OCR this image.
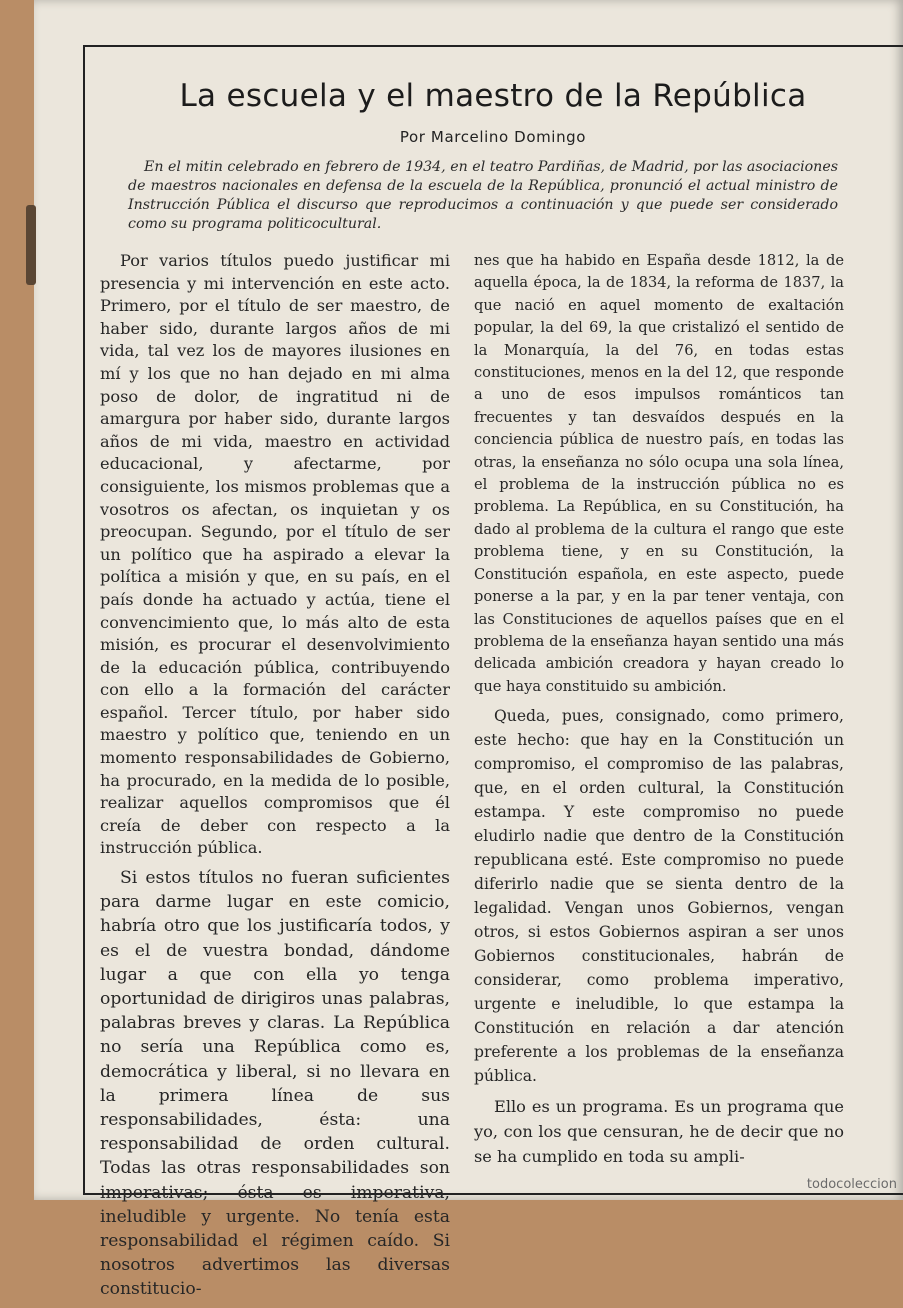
La escuela y el maestro de la República
Por Marcelino Domingo
En el mitin celebrado en febrero de 1934, en el teatro Pardiñas, de Madrid, por las asociaciones de maestros nacionales en defensa de la escuela de la República, pronunció el actual ministro de Instrucción Pública el discurso que reproducimos a continuación y que puede ser considerado como su programa politicocultural.

Por varios títulos puedo justificar mi presencia y mi intervención en este acto. Primero, por el título de ser maestro, de haber sido, durante largos años de mi vida, tal vez los de mayores ilusiones en mí y los que no han dejado en mi alma poso de dolor, de ingratitud ni de amargura por haber sido, durante largos años de mi vida, maestro en actividad educacional, y afectarme, por consiguiente, los mismos problemas que a vosotros os afectan, os inquietan y os preocupan. Segundo, por el título de ser un político que ha aspirado a elevar la política a misión y que, en su país, en el país donde ha actuado y actúa, tiene el convencimiento que, lo más alto de esta misión, es procurar el desenvolvimiento de la educación pública, contribuyendo con ello a la formación del carácter español. Tercer título, por haber sido maestro y político que, teniendo en un momento responsabilidades de Gobierno, ha procurado, en la medida de lo posible, realizar aquellos compromisos que él creía de deber con respecto a la instrucción pública.

Si estos títulos no fueran suficientes para darme lugar en este comicio, habría otro que los justificaría todos, y es el de vuestra bondad, dándome lugar a que con ella yo tenga oportunidad de dirigiros unas palabras, palabras breves y claras. La República no sería una República como es, democrática y liberal, si no llevara en la primera línea de sus responsabilidades, ésta: una responsabilidad de orden cultural. Todas las otras responsabilidades son imperativas; ésta es imperativa, ineludible y urgente. No tenía esta responsabilidad el régimen caído. Si nosotros advertimos las diversas constitucio-

nes que ha habido en España desde 1812, la de aquella época, la de 1834, la reforma de 1837, la que nació en aquel momento de exaltación popular, la del 69, la que cristalizó el sentido de la Monarquía, la del 76, en todas estas constituciones, menos en la del 12, que responde a uno de esos impulsos románticos tan frecuentes y tan desvaídos después en la conciencia pública de nuestro país, en todas las otras, la enseñanza no sólo ocupa una sola línea, el problema de la instrucción pública no es problema. La República, en su Constitución, ha dado al problema de la cultura el rango que este problema tiene, y en su Constitución, la Constitución española, en este aspecto, puede ponerse a la par, y en la par tener ventaja, con las Constituciones de aquellos países que en el problema de la enseñanza hayan sentido una más delicada ambición creadora y hayan creado lo que haya constituido su ambición.

Queda, pues, consignado, como primero, este hecho: que hay en la Constitución un compromiso, el compromiso de las palabras, que, en el orden cultural, la Constitución estampa. Y este compromiso no puede eludirlo nadie que dentro de la Constitución republicana esté. Este compromiso no puede diferirlo nadie que se sienta dentro de la legalidad. Vengan unos Gobiernos, vengan otros, si estos Gobiernos aspiran a ser unos Gobiernos constitucionales, habrán de considerar, como problema imperativo, urgente e ineludible, lo que estampa la Constitución en relación a dar atención preferente a los problemas de la enseñanza pública.

Ello es un programa. Es un programa que yo, con los que censuran, he de decir que no se ha cumplido en toda su ampli-

todocoleccion
